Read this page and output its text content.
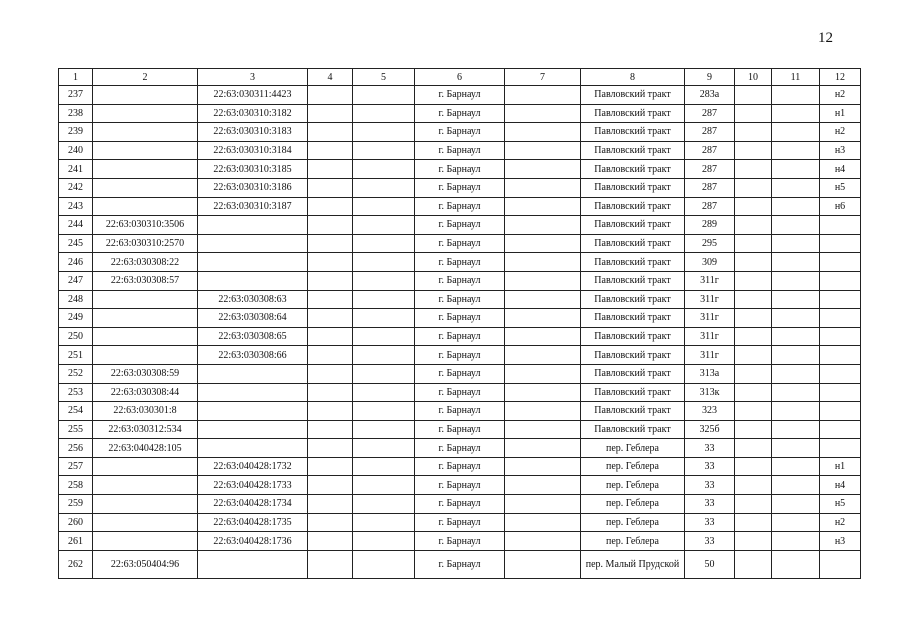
12
1	2	3	4	5	6	7	8	9	10	11	12
237		22:63:030311:4423			г. Барнаул		Павловский тракт	283а			н2
238		22:63:030310:3182			г. Барнаул		Павловский тракт	287			н1
239		22:63:030310:3183			г. Барнаул		Павловский тракт	287			н2
240		22:63:030310:3184			г. Барнаул		Павловский тракт	287			н3
241		22:63:030310:3185			г. Барнаул		Павловский тракт	287			н4
242		22:63:030310:3186			г. Барнаул		Павловский тракт	287			н5
243		22:63:030310:3187			г. Барнаул		Павловский тракт	287			н6
244	22:63:030310:3506				г. Барнаул		Павловский тракт	289			
245	22:63:030310:2570				г. Барнаул		Павловский тракт	295			
246	22:63:030308:22				г. Барнаул		Павловский тракт	309			
247	22:63:030308:57				г. Барнаул		Павловский тракт	311г			
248		22:63:030308:63			г. Барнаул		Павловский тракт	311г			
249		22:63:030308:64			г. Барнаул		Павловский тракт	311г			
250		22:63:030308:65			г. Барнаул		Павловский тракт	311г			
251		22:63:030308:66			г. Барнаул		Павловский тракт	311г			
252	22:63:030308:59				г. Барнаул		Павловский тракт	313а			
253	22:63:030308:44				г. Барнаул		Павловский тракт	313к			
254	22:63:030301:8				г. Барнаул		Павловский тракт	323			
255	22:63:030312:534				г. Барнаул		Павловский тракт	325б			
256	22:63:040428:105				г. Барнаул		пер. Геблера	33			
257		22:63:040428:1732			г. Барнаул		пер. Геблера	33			н1
258		22:63:040428:1733			г. Барнаул		пер. Геблера	33			н4
259		22:63:040428:1734			г. Барнаул		пер. Геблера	33			н5
260		22:63:040428:1735			г. Барнаул		пер. Геблера	33			н2
261		22:63:040428:1736			г. Барнаул		пер. Геблера	33			н3
262	22:63:050404:96				г. Барнаул		пер. Малый Прудской	50			
